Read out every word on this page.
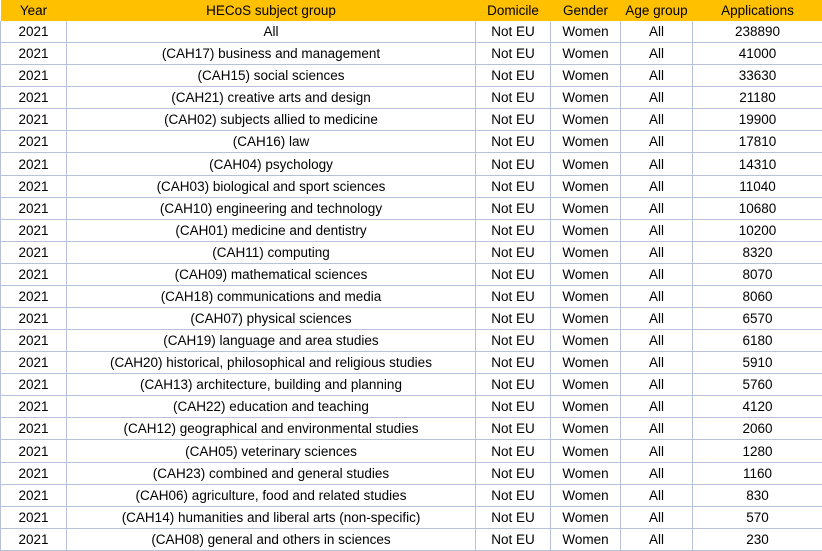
Year	HECoS subject group	Domicile	Gender	Age group	Applications
2021	All	Not EU	Women	All	238890
2021	(CAH17) business and management	Not EU	Women	All	41000
2021	(CAH15) social sciences	Not EU	Women	All	33630
2021	(CAH21) creative arts and design	Not EU	Women	All	21180
2021	(CAH02) subjects allied to medicine	Not EU	Women	All	19900
2021	(CAH16) law	Not EU	Women	All	17810
2021	(CAH04) psychology	Not EU	Women	All	14310
2021	(CAH03) biological and sport sciences	Not EU	Women	All	11040
2021	(CAH10) engineering and technology	Not EU	Women	All	10680
2021	(CAH01) medicine and dentistry	Not EU	Women	All	10200
2021	(CAH11) computing	Not EU	Women	All	8320
2021	(CAH09) mathematical sciences	Not EU	Women	All	8070
2021	(CAH18) communications and media	Not EU	Women	All	8060
2021	(CAH07) physical sciences	Not EU	Women	All	6570
2021	(CAH19) language and area studies	Not EU	Women	All	6180
2021	(CAH20) historical, philosophical and religious studies	Not EU	Women	All	5910
2021	(CAH13) architecture, building and planning	Not EU	Women	All	5760
2021	(CAH22) education and teaching	Not EU	Women	All	4120
2021	(CAH12) geographical and environmental studies	Not EU	Women	All	2060
2021	(CAH05) veterinary sciences	Not EU	Women	All	1280
2021	(CAH23) combined and general studies	Not EU	Women	All	1160
2021	(CAH06) agriculture, food and related studies	Not EU	Women	All	830
2021	(CAH14) humanities and liberal arts (non-specific)	Not EU	Women	All	570
2021	(CAH08) general and others in sciences	Not EU	Women	All	230
